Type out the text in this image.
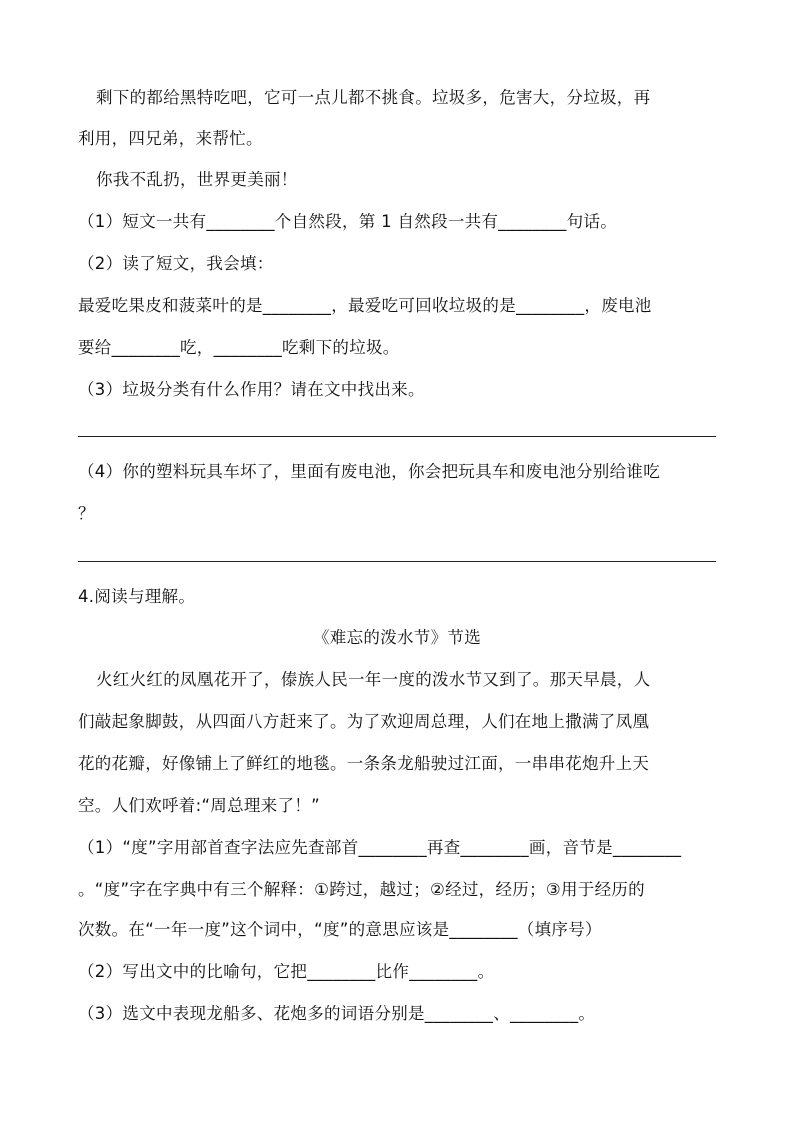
剩下的都给黑特吃吧，它可一点儿都不挑食。垃圾多，危害大，分垃圾，再
利用，四兄弟，来帮忙。
你我不乱扔，世界更美丽！
（1）短文一共有________个自然段，第 1 自然段一共有________句话。
（2）读了短文，我会填：
最爱吃果皮和菠菜叶的是________，最爱吃可回收垃圾的是________，废电池
要给________吃，________吃剩下的垃圾。
（3）垃圾分类有什么作用？请在文中找出来。
（4）你的塑料玩具车坏了，里面有废电池，你会把玩具车和废电池分别给谁吃
？
4.阅读与理解。
《难忘的泼水节》节选
火红火红的凤凰花开了，傣族人民一年一度的泼水节又到了。那天早晨，人
们敲起象脚鼓，从四面八方赶来了。为了欢迎周总理，人们在地上撒满了凤凰
花的花瓣，好像铺上了鲜红的地毯。一条条龙船驶过江面，一串串花炮升上天
空。人们欢呼着:“周总理来了！”
（1）“度”字用部首查字法应先查部首________再查________画，音节是________
。“度”字在字典中有三个解释：①跨过，越过；②经过，经历；③用于经历的
次数。在“一年一度”这个词中，“度”的意思应该是________（填序号）
（2）写出文中的比喻句，它把________比作________。
（3）选文中表现龙船多、花炮多的词语分别是________、________。
